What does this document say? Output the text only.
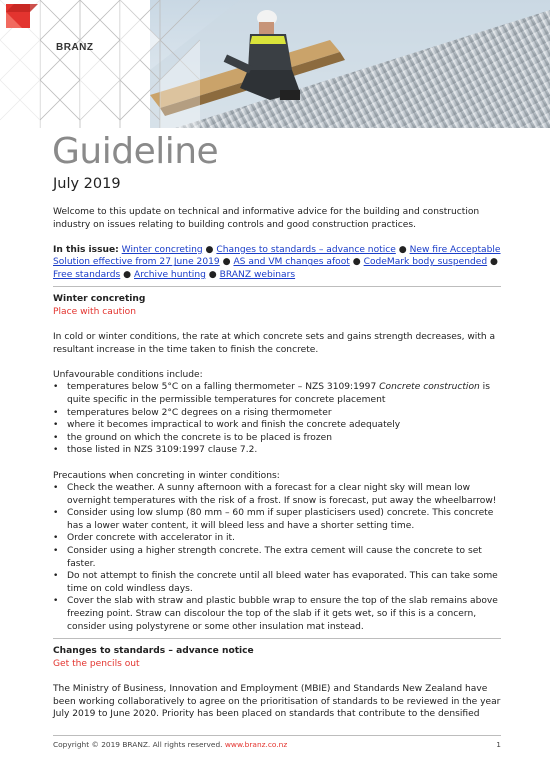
BRANZ
Guideline
July 2019

Welcome to this update on technical and informative advice for the building and construction industry on issues relating to building controls and good construction practices.

In this issue: Winter concreting ● Changes to standards – advance notice ● New fire Acceptable Solution effective from 27 June 2019 ● AS and VM changes afoot ● CodeMark body suspended ● Free standards ● Archive hunting ● BRANZ webinars

Winter concreting

Place with caution

In cold or winter conditions, the rate at which concrete sets and gains strength decreases, with a resultant increase in the time taken to finish the concrete.

Unfavourable conditions include:

• temperatures below 5°C on a falling thermometer – NZS 3109:1997 Concrete construction is quite specific in the permissible temperatures for concrete placement
• temperatures below 2°C degrees on a rising thermometer
• where it becomes impractical to work and finish the concrete adequately
• the ground on which the concrete is to be placed is frozen
• those listed in NZS 3109:1997 clause 7.2.

Precautions when concreting in winter conditions:

• Check the weather. A sunny afternoon with a forecast for a clear night sky will mean low overnight temperatures with the risk of a frost. If snow is forecast, put away the wheelbarrow!
• Consider using low slump (80 mm – 60 mm if super plasticisers used) concrete. This concrete has a lower water content, it will bleed less and have a shorter setting time.
• Order concrete with accelerator in it.
• Consider using a higher strength concrete. The extra cement will cause the concrete to set faster.
• Do not attempt to finish the concrete until all bleed water has evaporated. This can take some time on cold windless days.
• Cover the slab with straw and plastic bubble wrap to ensure the top of the slab remains above freezing point. Straw can discolour the top of the slab if it gets wet, so if this is a concern, consider using polystyrene or some other insulation mat instead.

Changes to standards – advance notice

Get the pencils out

The Ministry of Business, Innovation and Employment (MBIE) and Standards New Zealand have been working collaboratively to agree on the prioritisation of standards to be reviewed in the year July 2019 to June 2020. Priority has been placed on standards that contribute to the densified

Copyright © 2019 BRANZ. All rights reserved. www.branz.co.nz	1
